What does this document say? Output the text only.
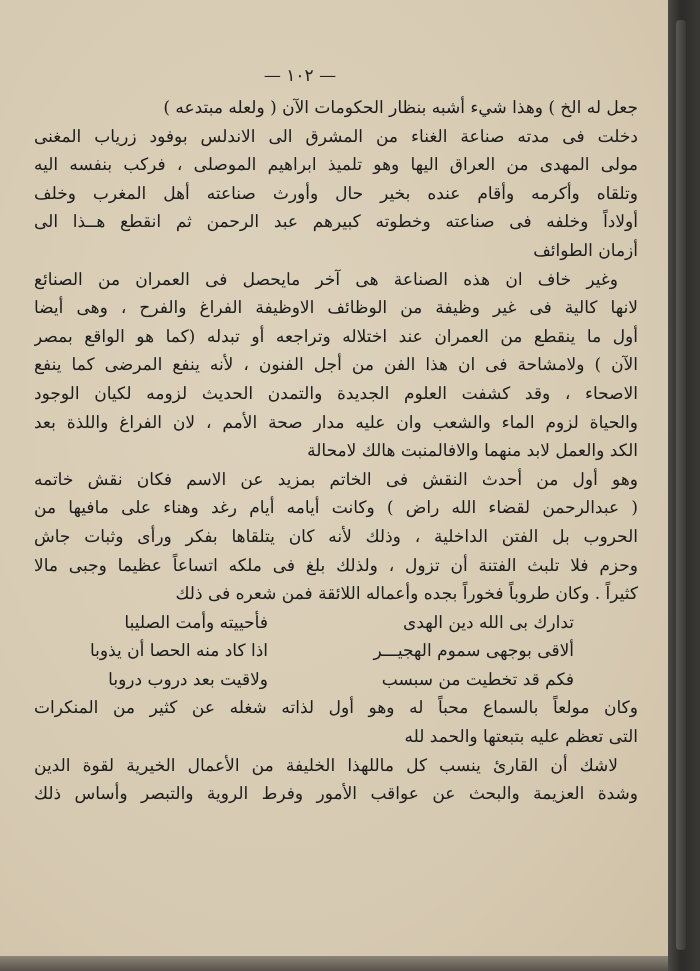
— ١٠٢ —
جعل له الخ ) وهذا شيء أشبه بنظار الحكومات الآن ( ولعله مبتدعه )
دخلت فى مدته صناعة الغناء من المشرق الى الاندلس بوفود زرياب المغنى
مولى المهدى من العراق اليها وهو تلميذ ابراهيم الموصلى ، فركب بنفسه اليه
وتلقاه وأكرمه وأقام عنده بخير حال وأورث صناعته أهل المغرب وخلف
أولاداً وخلفه فى صناعته وخطوته كبيرهم عبد الرحمن ثم انقطع هــذا الى
أزمان الطوائف
وغير خاف ان هذه الصناعة هى آخر مايحصل فى العمران من الصنائع
لانها كالية فى غير وظيفة من الوظائف الاوظيفة الفراغ والفرح ، وهى أيضا
أول ما ينقطع من العمران عند اختلاله وتراجعه أو تبدله (كما هو الواقع بمصر
الآن ) ولامشاحة فى ان هذا الفن من أجل الفنون ، لأنه ينفع المرضى كما ينفع
الاصحاء ، وقد كشفت العلوم الجديدة والتمدن الحديث لزومه لكيان الوجود
والحياة لزوم الماء والشعب وان عليه مدار صحة الأمم ، لان الفراغ واللذة بعد
الكد والعمل لابد منهما والافالمنبت هالك لامحالة
وهو أول من أحدث النقش فى الخاتم بمزيد عن الاسم فكان نقش خاتمه
( عبدالرحمن لقضاء الله راض ) وكانت أيامه أيام رغد وهناء على مافيها من
الحروب بل الفتن الداخلية ، وذلك لأنه كان يتلقاها بفكر ورأى وثبات جاش
وحزم فلا تلبث الفتنة أن تزول ، ولذلك بلغ فى ملكه اتساعاً عظيما وجبى مالا
كثيراً . وكان طروباً فخوراً بجده وأعماله اللائقة فمن شعره فى ذلك
تدارك بى الله دين الهدى
فأحييته وأمت الصليبا
ألاقى بوجهى سموم الهجيـــر
اذا كاد منه الحصا أن يذوبا
فكم قد تخطيت من سبسب
ولاقيت بعد دروب دروبا
وكان مولعاً بالسماع محباً له وهو أول لذاته شغله عن كثير من المنكرات
التى تعظم عليه بتبعتها والحمد لله
لاشك أن القارئ ينسب كل ماللهذا الخليفة من الأعمال الخيرية لقوة الدين
وشدة العزيمة والبحث عن عواقب الأمور وفرط الروية والتبصر وأساس ذلك
